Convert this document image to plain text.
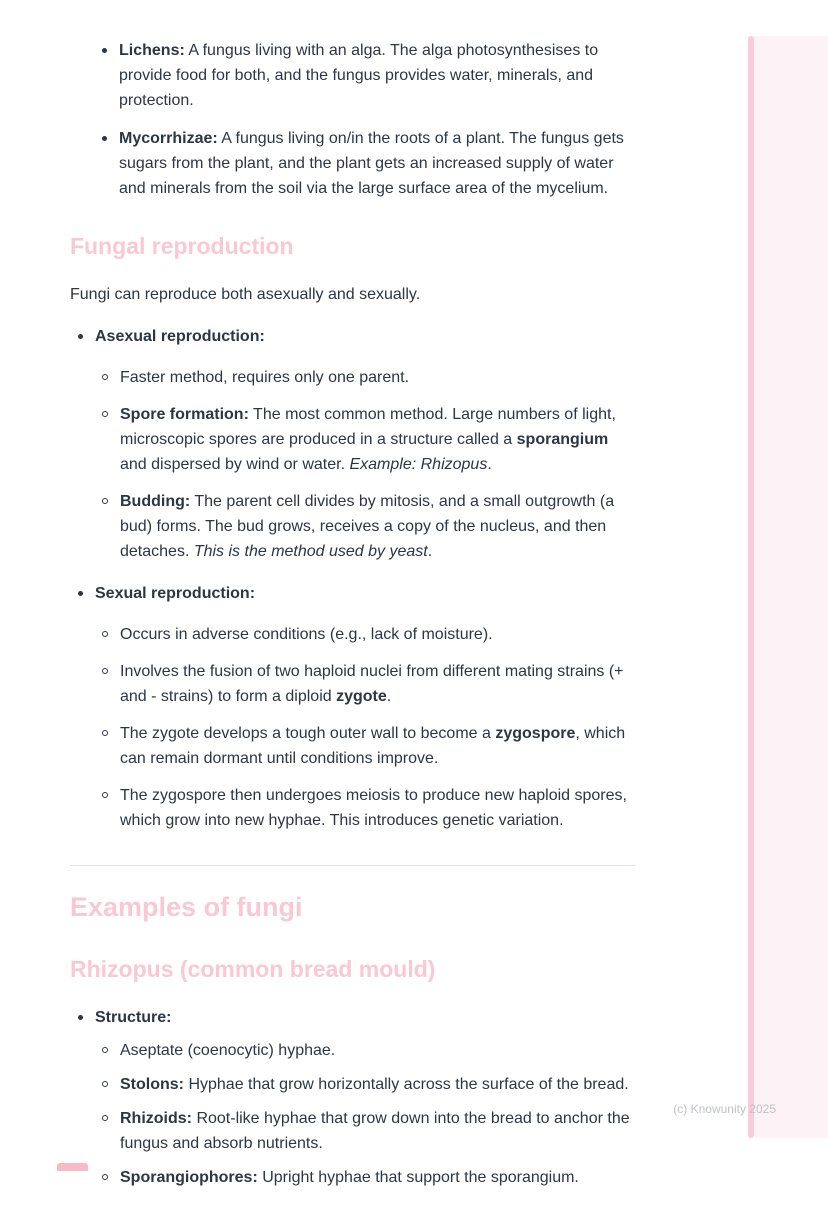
(c) Knowunity 2025
Lichens: A fungus living with an alga. The alga photosynthesises to provide food for both, and the fungus provides water, minerals, and protection.
Mycorrhizae: A fungus living on/in the roots of a plant. The fungus gets sugars from the plant, and the plant gets an increased supply of water and minerals from the soil via the large surface area of the mycelium.
Fungal reproduction

Fungi can reproduce both asexually and sexually.

Asexual reproduction:
Faster method, requires only one parent.
Spore formation: The most common method. Large numbers of light, microscopic spores are produced in a structure called a sporangium and dispersed by wind or water. Example: Rhizopus.
Budding: The parent cell divides by mitosis, and a small outgrowth (a bud) forms. The bud grows, receives a copy of the nucleus, and then detaches. This is the method used by yeast.
Sexual reproduction:
Occurs in adverse conditions (e.g., lack of moisture).
Involves the fusion of two haploid nuclei from different mating strains (+ and - strains) to form a diploid zygote.
The zygote develops a tough outer wall to become a zygospore, which can remain dormant until conditions improve.
The zygospore then undergoes meiosis to produce new haploid spores, which grow into new hyphae. This introduces genetic variation.
Examples of fungi
Rhizopus (common bread mould)
Structure:
Aseptate (coenocytic) hyphae.
Stolons: Hyphae that grow horizontally across the surface of the bread.
Rhizoids: Root-like hyphae that grow down into the bread to anchor the fungus and absorb nutrients.
Sporangiophores: Upright hyphae that support the sporangium.
